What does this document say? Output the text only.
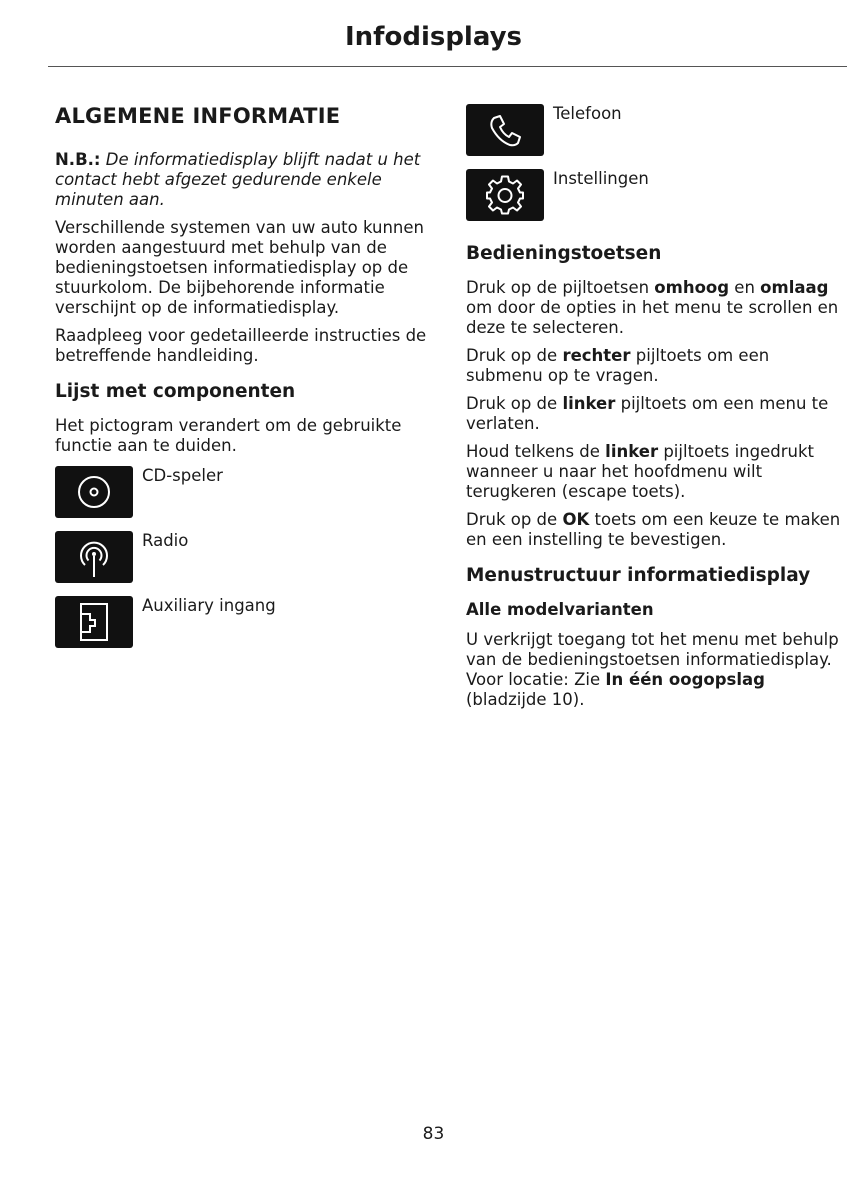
Infodisplays
ALGEMENE INFORMATIE

N.B.: De informatiedisplay blijft nadat u het contact hebt afgezet gedurende enkele minuten aan.

Verschillende systemen van uw auto kunnen worden aangestuurd met behulp van de bedieningstoetsen informatiedisplay op de stuurkolom. De bijbehorende informatie verschijnt op de informatiedisplay.

Raadpleeg voor gedetailleerde instructies de betreffende handleiding.

Lijst met componenten

Het pictogram verandert om de gebruikte functie aan te duiden.

CD-speler
Radio
Auxiliary ingang
Telefoon
Instellingen
Bedieningstoetsen

Druk op de pijltoetsen omhoog en omlaag om door de opties in het menu te scrollen en deze te selecteren.

Druk op de rechter pijltoets om een submenu op te vragen.

Druk op de linker pijltoets om een menu te verlaten.

Houd telkens de linker pijltoets ingedrukt wanneer u naar het hoofdmenu wilt terugkeren (escape toets).

Druk op de OK toets om een keuze te maken en een instelling te bevestigen.

Menustructuur informatiedisplay
Alle modelvarianten

U verkrijgt toegang tot het menu met behulp van de bedieningstoetsen informatiedisplay. Voor locatie: Zie In één oogopslag (bladzijde 10).

83
